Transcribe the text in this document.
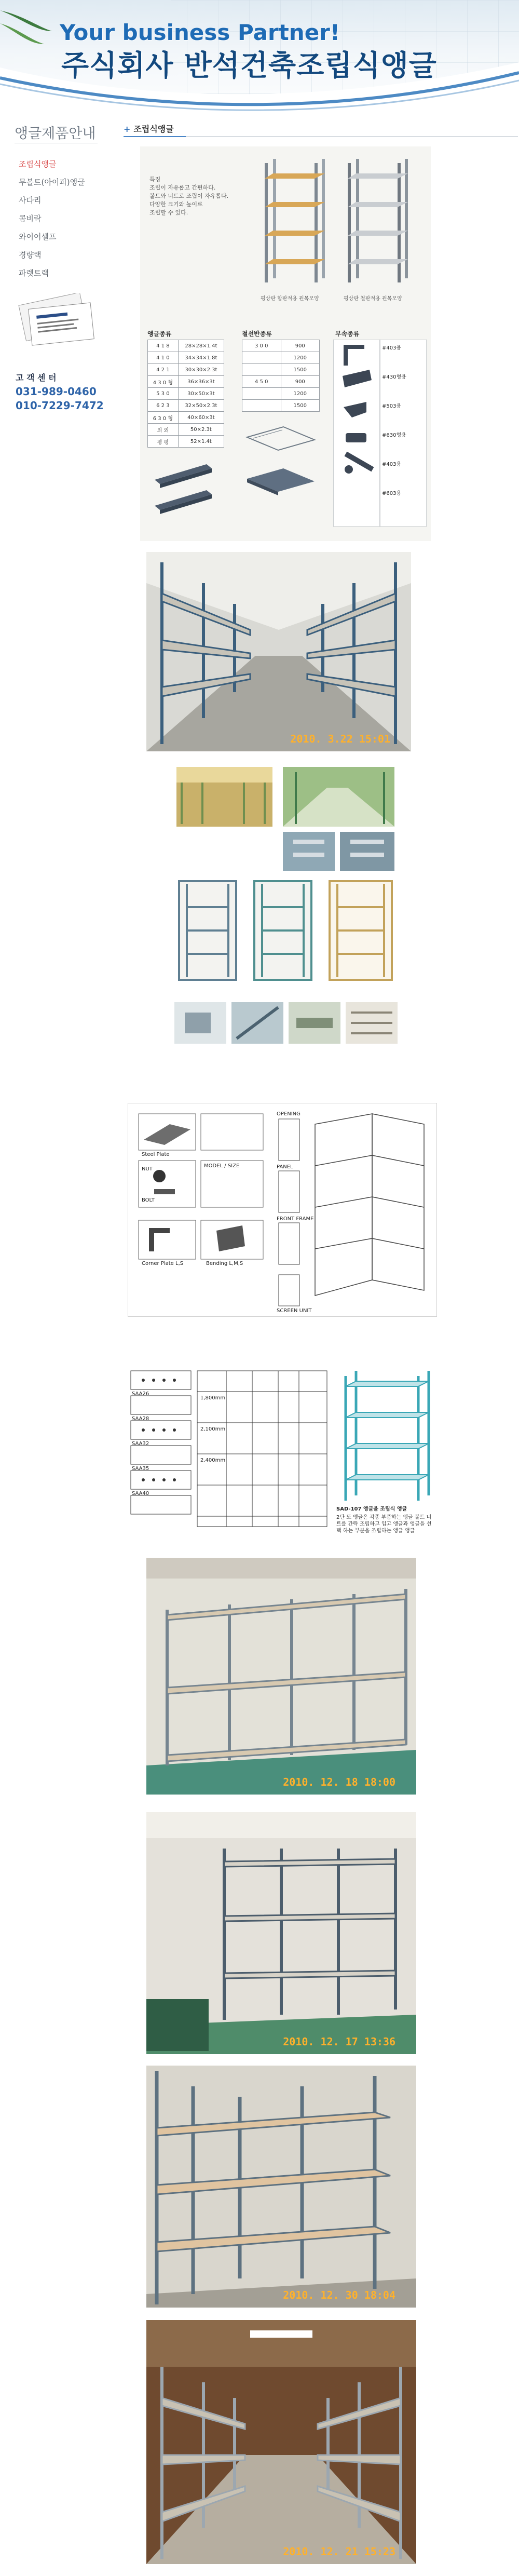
Your business Partner!
주식회사 반석건축조립식앵글
앵글제품안내
조립식앵글
무볼트(아이피)앵글
사다리
콤비락
와이어셀프
경량랙
파렛트랙
고 객 센 터
031-989-0460
010-7229-7472
+ 조립식앵글
특징
조립이 자유롭고 간편하다.
볼트와 너트로 조립이 자유롭다.
다양한 크기와 높이로
조립할 수 있다.
평상판 합판적용 원목모양	평상판 철판적용 원목모양
앵글종류
4 1 8	28×28×1.4t
4 1 0	34×34×1.8t
4 2 1	30×30×2.3t
4 3 0 형	36×36×3t
5 3 0	30×50×3t
6 2 3	32×50×2.3t
6 3 0 형	40×60×3t
외 외	50×2.3t
평 평	52×1.4t
철선반종류
3 0 0	900
	1200
	1500
4 5 0	900
	1200
	1500
부속종류
#403용
#430형용
#503용
#630형용
#403용
#603용
2010. 3.22 15:01
Steel Plate
NUT
BOLT
Corner Plate L,S	Bending L,M,S
MODEL / SIZE
OPENING
PANEL
FRONT FRAME
SCREEN UNIT
1,800mm
2,100mm
2,400mm
SAA26
SAA28
SAA32
SAA35
SAA40
SAD-107 앵글을 조립식 앵글
2단 또 앵글은 각종 부품하는 앵글 볼트 너트를 간략 조립하고 입고 앵글과 앵글을 선택 하는 부분을 조립하는 앵글 앵글
2010. 12. 18 18:00
2010. 12. 17 13:36
2010. 12. 30 18:04
2010. 12. 21 15:23
